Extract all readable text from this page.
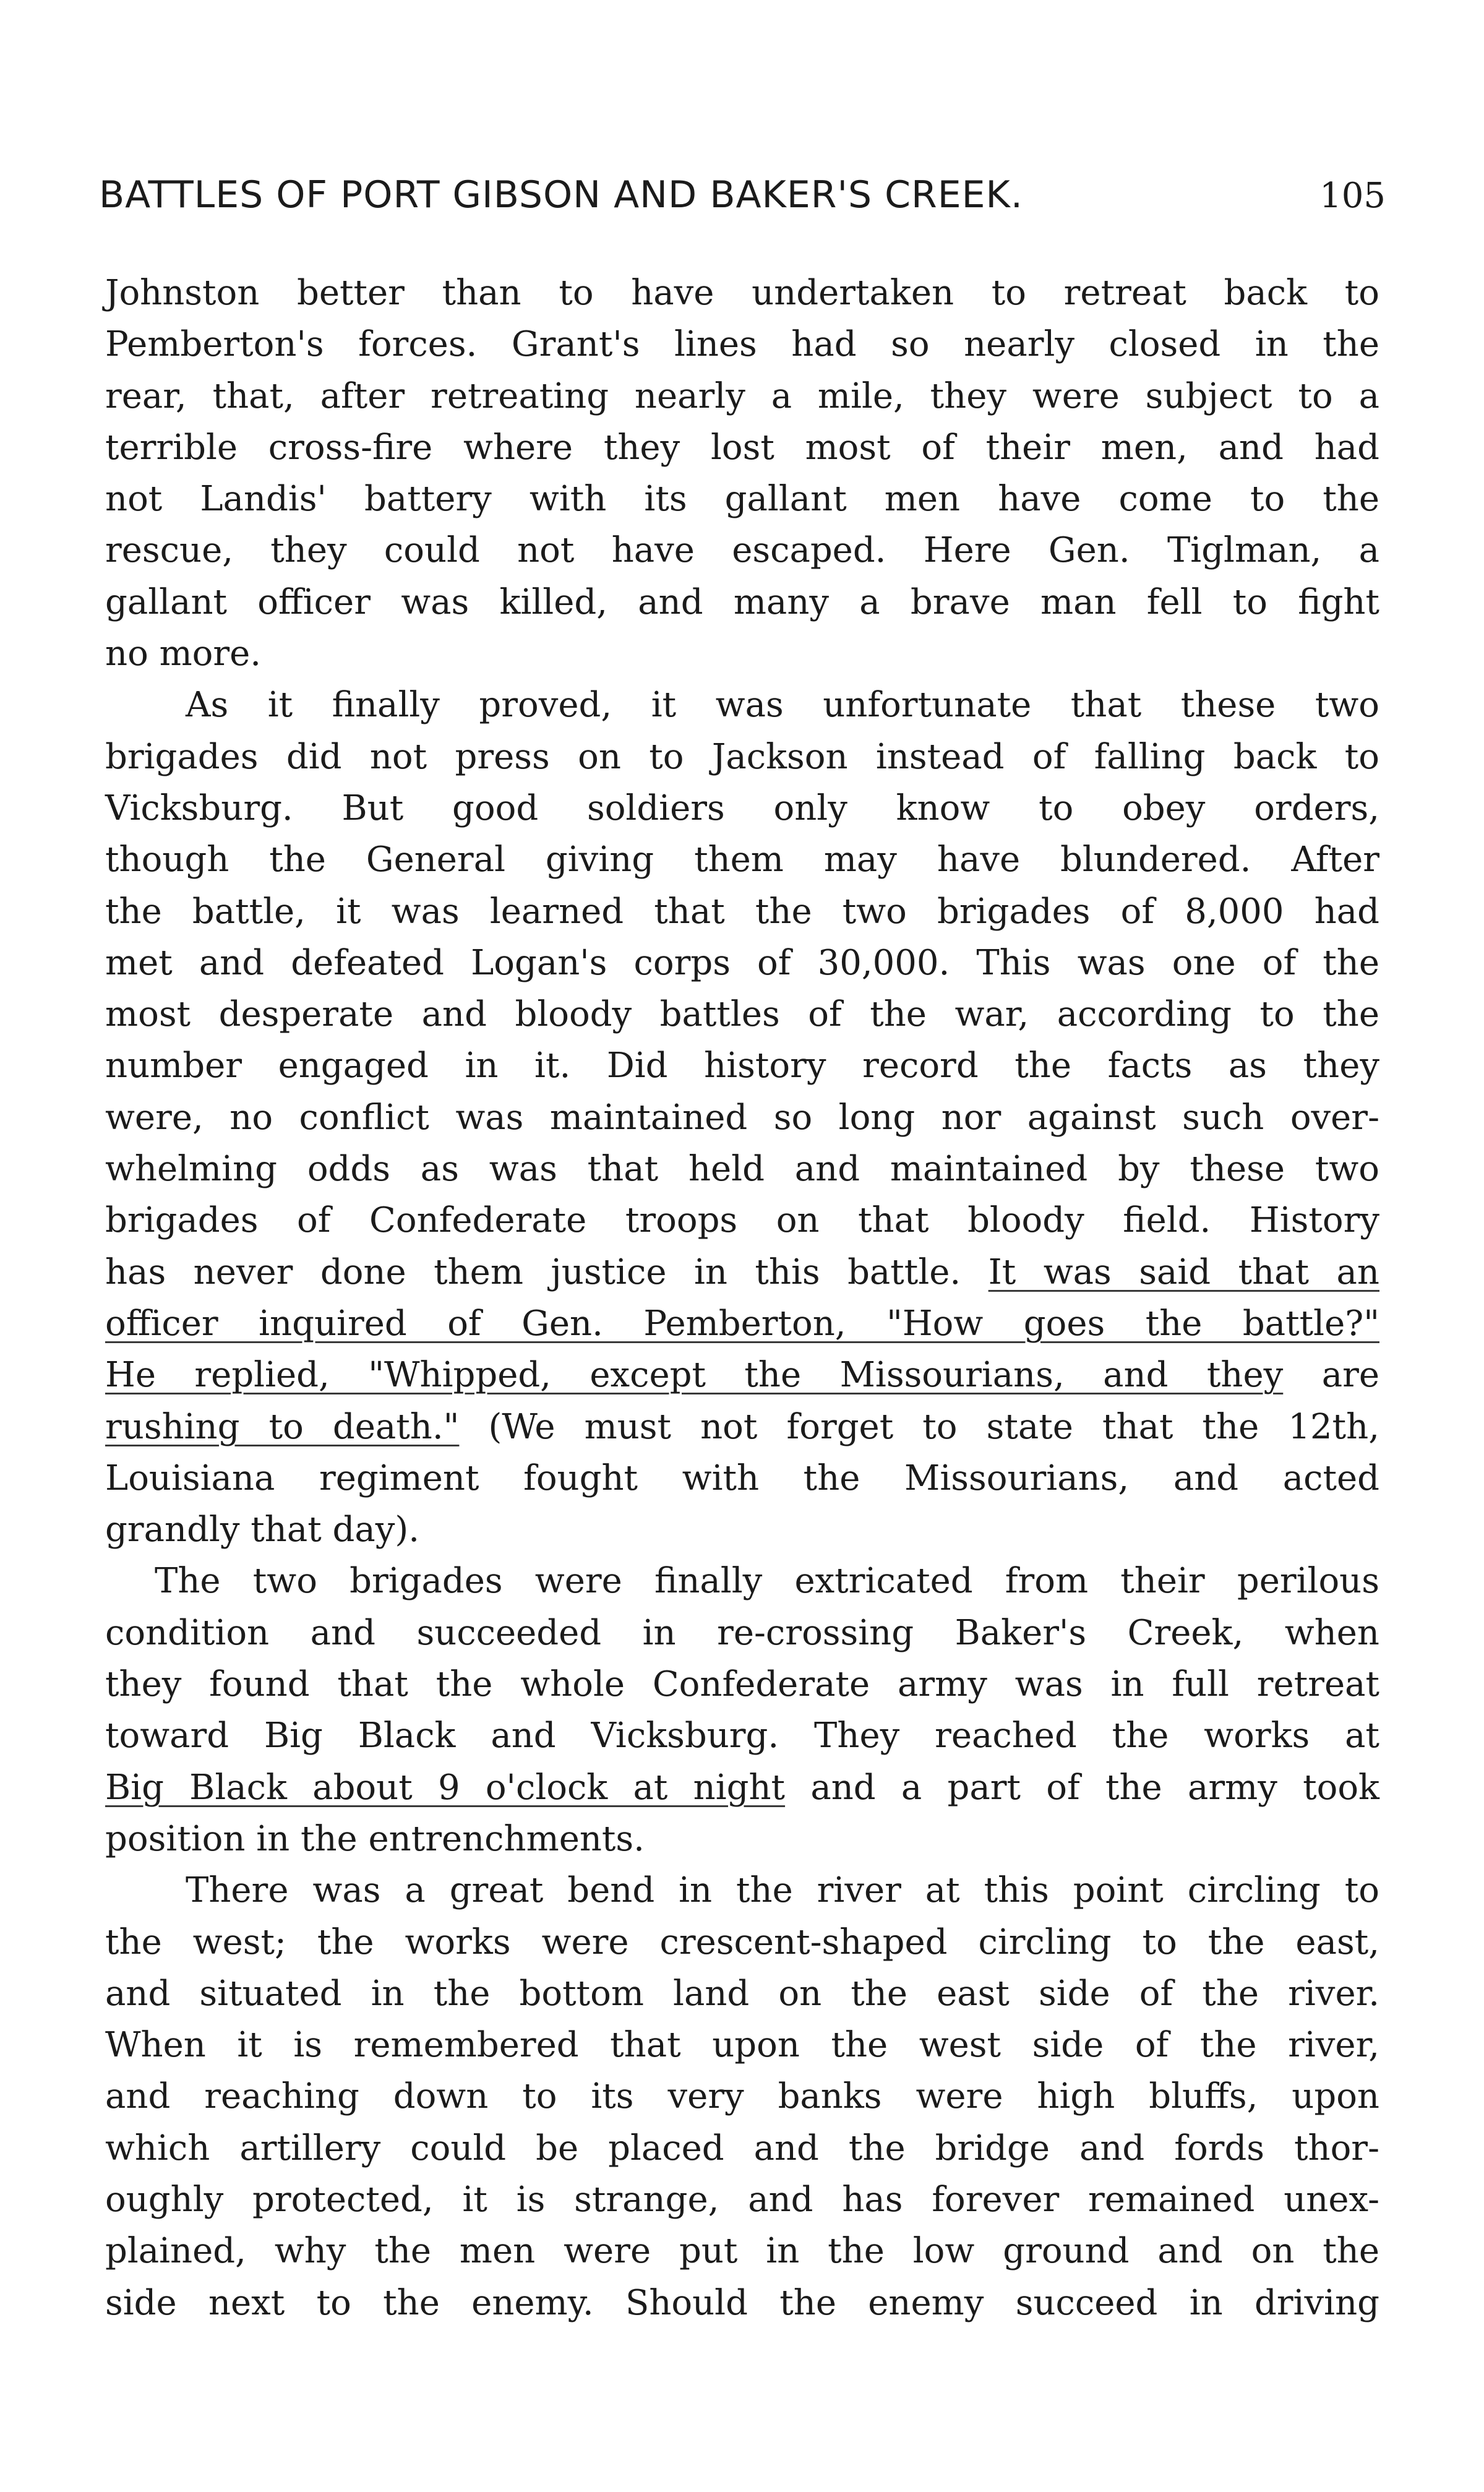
BATTLES OF PORT GIBSON AND BAKER'S CREEK.	105
Johnston better than to have undertaken to retreat back to
Pemberton's forces. Grant's lines had so nearly closed in the
rear, that, after retreating nearly a mile, they were subject to a
terrible cross-fire where they lost most of their men, and had
not Landis' battery with its gallant men have come to the
rescue, they could not have escaped. Here Gen. Tiglman, a
gallant officer was killed, and many a brave man fell to fight
no more.
As it finally proved, it was unfortunate that these two
brigades did not press on to Jackson instead of falling back to
Vicksburg. But good soldiers only know to obey orders,
though the General giving them may have blundered. After
the battle, it was learned that the two brigades of 8,000 had
met and defeated Logan's corps of 30,000. This was one of the
most desperate and bloody battles of the war, according to the
number engaged in it. Did history record the facts as they
were, no conflict was maintained so long nor against such over-
whelming odds as was that held and maintained by these two
brigades of Confederate troops on that bloody field. History
has never done them justice in this battle. It was said that an
officer inquired of Gen. Pemberton, "How goes the battle?"
He replied, "Whipped, except the Missourians, and they are
rushing to death." (We must not forget to state that the 12th,
Louisiana regiment fought with the Missourians, and acted
grandly that day).
The two brigades were finally extricated from their perilous
condition and succeeded in re-crossing Baker's Creek, when
they found that the whole Confederate army was in full retreat
toward Big Black and Vicksburg. They reached the works at
Big Black about 9 o'clock at night and a part of the army took
position in the entrenchments.
There was a great bend in the river at this point circling to
the west; the works were crescent-shaped circling to the east,
and situated in the bottom land on the east side of the river.
When it is remembered that upon the west side of the river,
and reaching down to its very banks were high bluffs, upon
which artillery could be placed and the bridge and fords thor-
oughly protected, it is strange, and has forever remained unex-
plained, why the men were put in the low ground and on the
side next to the enemy. Should the enemy succeed in driving
